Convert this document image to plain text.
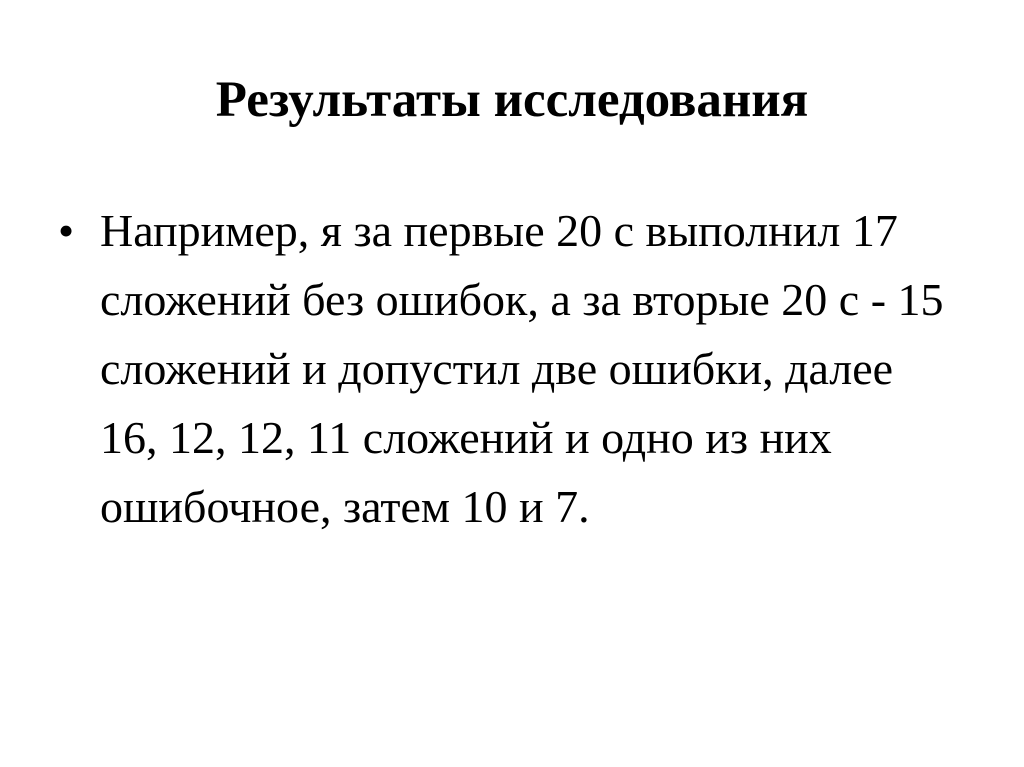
Результаты исследования
• Например, я за первые 20 с выполнил 17 сложений без ошибок, а за вторые 20 с - 15 сложений и допустил две ошибки, далее 16, 12, 12, 11 сложений и одно из них ошибочное, затем 10 и 7.
